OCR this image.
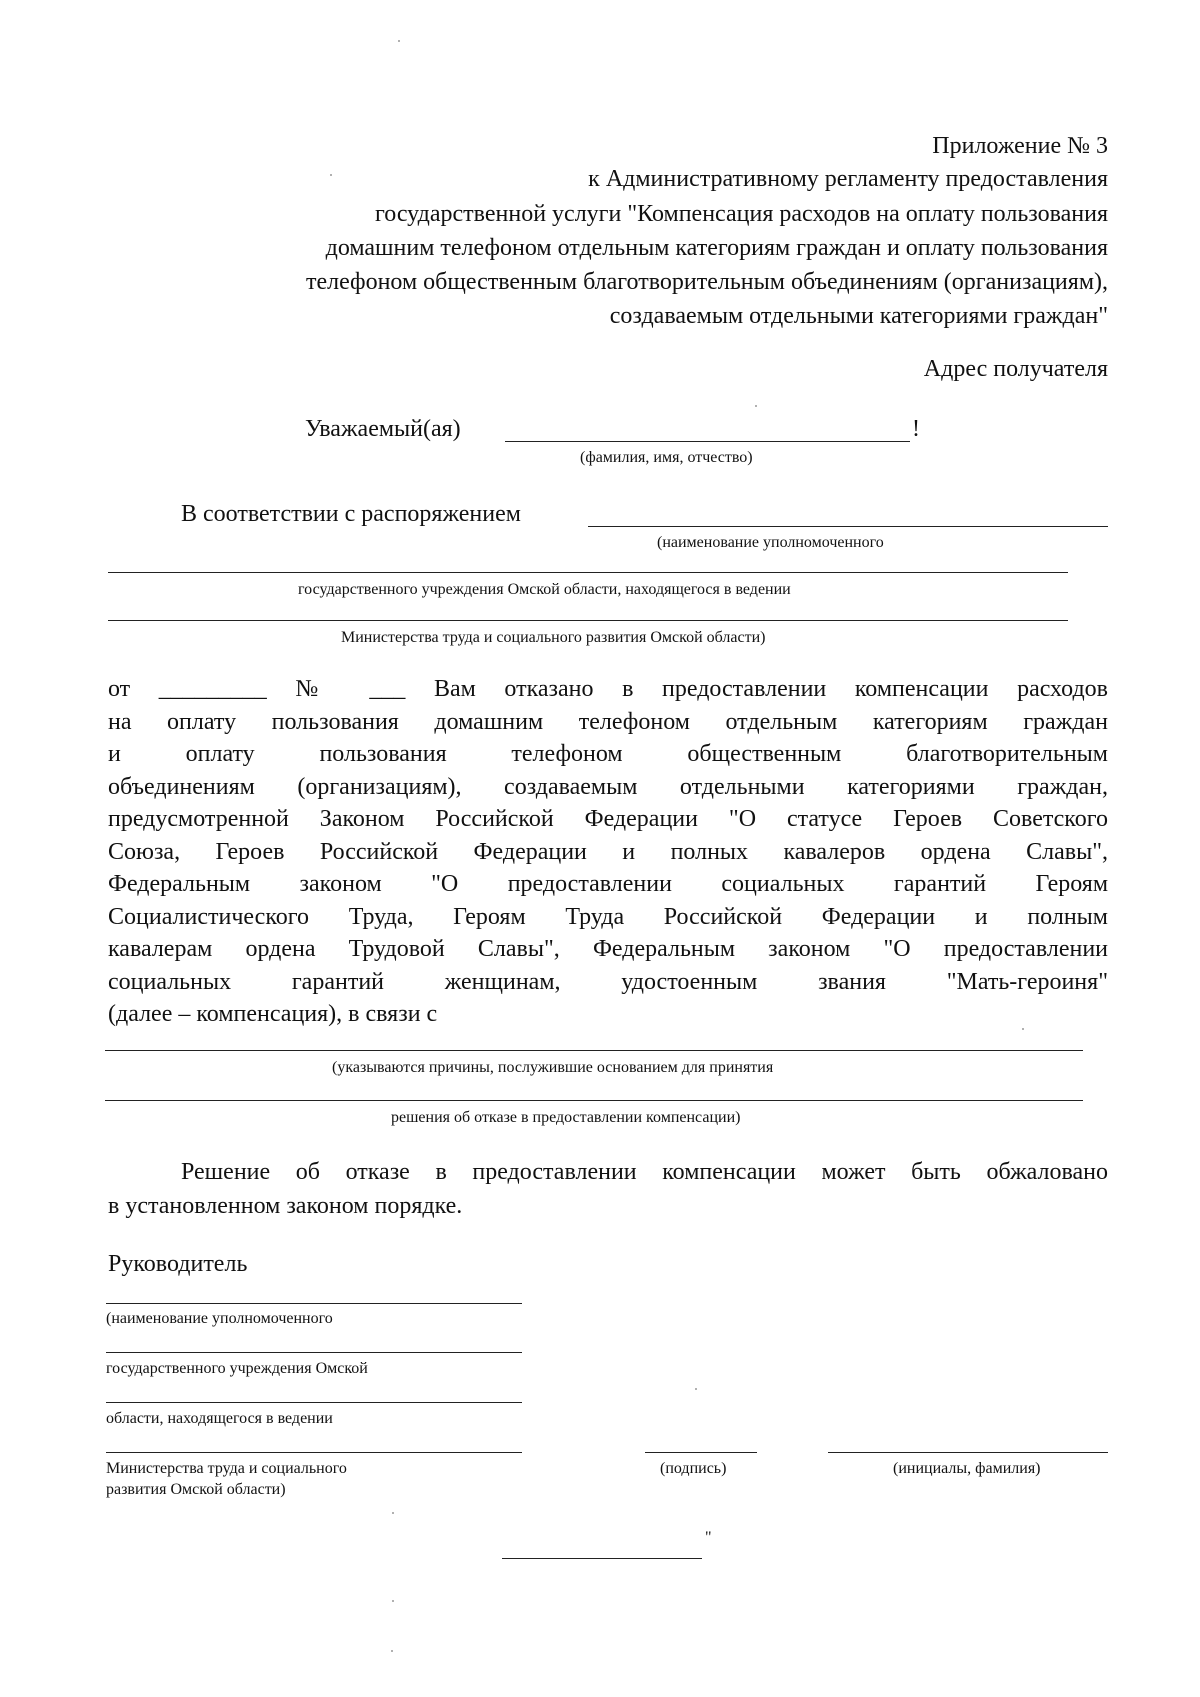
Приложение № 3
к Административному регламенту предоставления
государственной услуги "Компенсация расходов на оплату пользования
домашним телефоном отдельным категориям граждан и оплату пользования
телефоном общественным благотворительным объединениям (организациям),
создаваемым отдельными категориями граждан"
Адрес получателя
Уважаемый(ая)	!
(фамилия, имя, отчество)
В соответствии с распоряжением
(наименование уполномоченного
государственного учреждения Омской области, находящегося в ведении
Министерства труда и социального развития Омской области)
от _________ № ___ Вам отказано в предоставлении компенсации расходов
на оплату пользования домашним телефоном отдельным категориям граждан
и оплату пользования телефоном общественным благотворительным
объединениям (организациям), создаваемым отдельными категориями граждан,
предусмотренной Законом Российской Федерации "О статусе Героев Советского
Союза, Героев Российской Федерации и полных кавалеров ордена Славы",
Федеральным законом "О предоставлении социальных гарантий Героям
Социалистического Труда, Героям Труда Российской Федерации и полным
кавалерам ордена Трудовой Славы", Федеральным законом "О предоставлении
социальных гарантий женщинам, удостоенным звания "Мать-героиня"
(далее – компенсация), в связи с
(указываются причины, послужившие основанием для принятия
решения об отказе в предоставлении компенсации)
Решение об отказе в предоставлении компенсации может быть обжаловано
в установленном законом порядке.
Руководитель
(наименование уполномоченного
государственного учреждения Омской
области, находящегося в ведении
Министерства труда и социального
развития Омской области)
(подпись)	(инициалы, фамилия)
"
